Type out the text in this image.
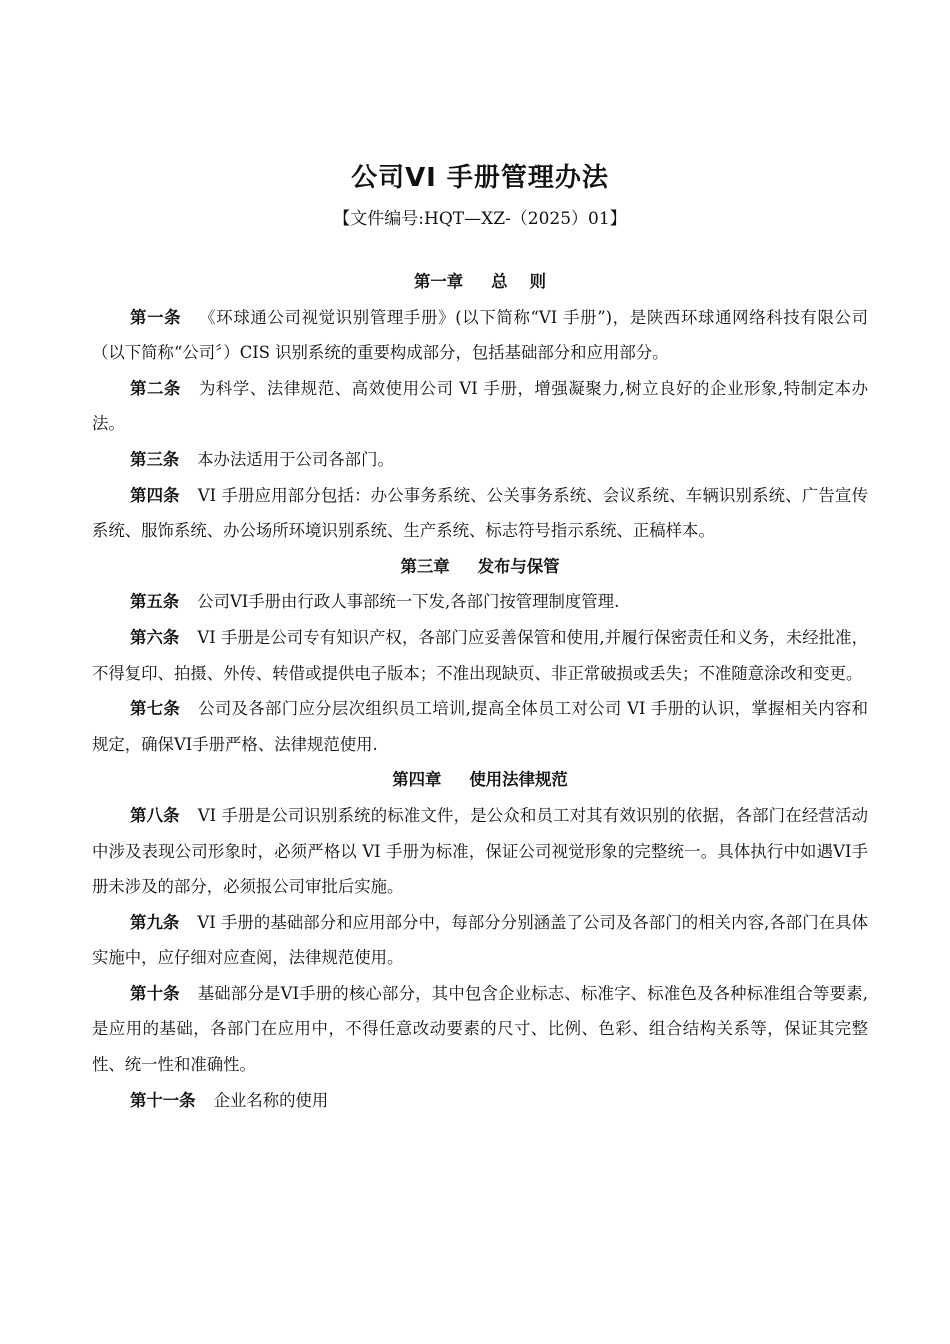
公司VI 手册管理办法
【文件编号:HQT—XZ-（2025）01】

第一章 总　 则

第一条 《环球通公司视觉识别管理手册》(以下简称“VI 手册”)，是陕西环球通网络科技有限公司（以下简称“公司〞）CIS 识别系统的重要构成部分，包括基础部分和应用部分。

第二条 为科学、法律规范、高效使用公司 VI 手册，增强凝聚力,树立良好的企业形象,特制定本办法。

第三条 本办法适用于公司各部门。

第四条 VI 手册应用部分包括：办公事务系统、公关事务系统、会议系统、车辆识别系统、广告宣传系统、服饰系统、办公场所环境识别系统、生产系统、标志符号指示系统、正稿样本。

第三章 发布与保管

第五条 公司VI手册由行政人事部统一下发,各部门按管理制度管理.

第六条 VI 手册是公司专有知识产权，各部门应妥善保管和使用,并履行保密责任和义务，未经批准，不得复印、拍摄、外传、转借或提供电子版本；不准出现缺页、非正常破损或丢失；不准随意涂改和变更。

第七条 公司及各部门应分层次组织员工培训,提高全体员工对公司 VI 手册的认识，掌握相关内容和规定，确保VI手册严格、法律规范使用.

第四章 使用法律规范

第八条 VI 手册是公司识别系统的标准文件，是公众和员工对其有效识别的依据，各部门在经营活动中涉及表现公司形象时，必须严格以 VI 手册为标准，保证公司视觉形象的完整统一。具体执行中如遇VI手册未涉及的部分，必须报公司审批后实施。

第九条 VI 手册的基础部分和应用部分中，每部分分别涵盖了公司及各部门的相关内容,各部门在具体实施中，应仔细对应查阅，法律规范使用。

第十条 基础部分是VI手册的核心部分，其中包含企业标志、标准字、标准色及各种标准组合等要素,是应用的基础，各部门在应用中，不得任意改动要素的尺寸、比例、色彩、组合结构关系等，保证其完整性、统一性和准确性。

第十一条 企业名称的使用
